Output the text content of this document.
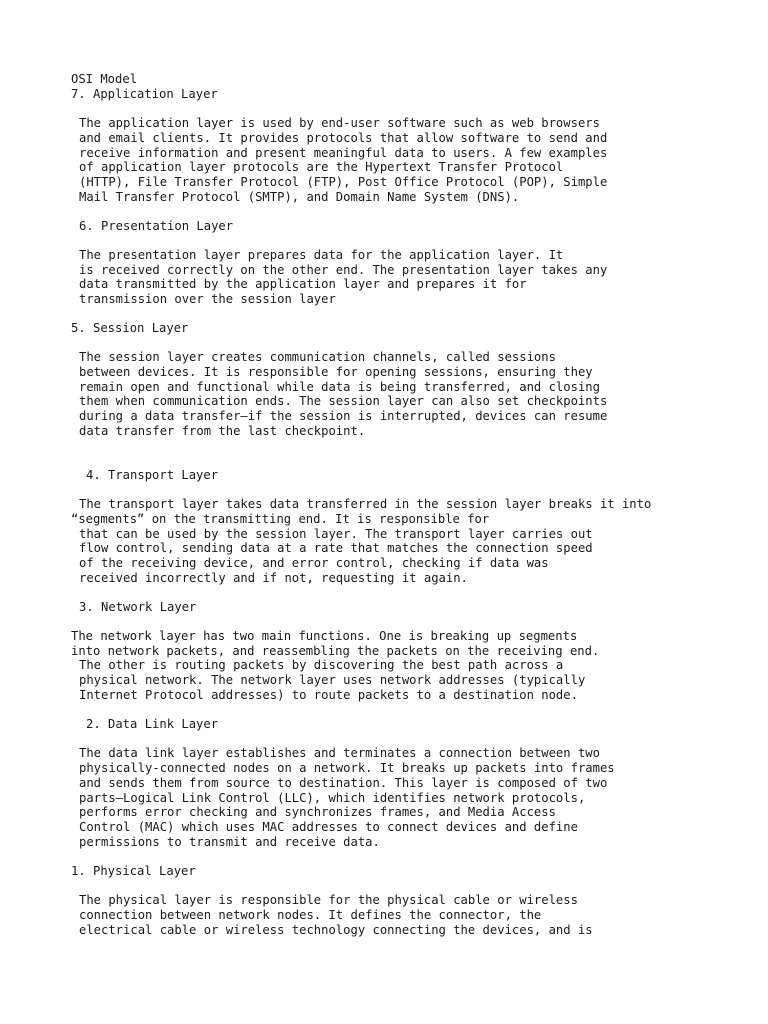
OSI Model

7. Application Layer

The application layer is used by end-user software such as web browsers

and email clients. It provides protocols that allow software to send and

receive information and present meaningful data to users. A few examples

of application layer protocols are the Hypertext Transfer Protocol

(HTTP), File Transfer Protocol (FTP), Post Office Protocol (POP), Simple

Mail Transfer Protocol (SMTP), and Domain Name System (DNS).

6. Presentation Layer

The presentation layer prepares data for the application layer. It

is received correctly on the other end. The presentation layer takes any

data transmitted by the application layer and prepares it for

transmission over the session layer

5. Session Layer

The session layer creates communication channels, called sessions

between devices. It is responsible for opening sessions, ensuring they

remain open and functional while data is being transferred, and closing

them when communication ends. The session layer can also set checkpoints

during a data transfer—if the session is interrupted, devices can resume

data transfer from the last checkpoint.

4. Transport Layer

The transport layer takes data transferred in the session layer breaks it into

“segments” on the transmitting end. It is responsible for

that can be used by the session layer. The transport layer carries out

flow control, sending data at a rate that matches the connection speed

of the receiving device, and error control, checking if data was

received incorrectly and if not, requesting it again.

3. Network Layer

The network layer has two main functions. One is breaking up segments

into network packets, and reassembling the packets on the receiving end.

The other is routing packets by discovering the best path across a

physical network. The network layer uses network addresses (typically

Internet Protocol addresses) to route packets to a destination node.

2. Data Link Layer

The data link layer establishes and terminates a connection between two

physically-connected nodes on a network. It breaks up packets into frames

and sends them from source to destination. This layer is composed of two

parts—Logical Link Control (LLC), which identifies network protocols,

performs error checking and synchronizes frames, and Media Access

Control (MAC) which uses MAC addresses to connect devices and define

permissions to transmit and receive data.

1. Physical Layer

The physical layer is responsible for the physical cable or wireless

connection between network nodes. It defines the connector, the

electrical cable or wireless technology connecting the devices, and is
